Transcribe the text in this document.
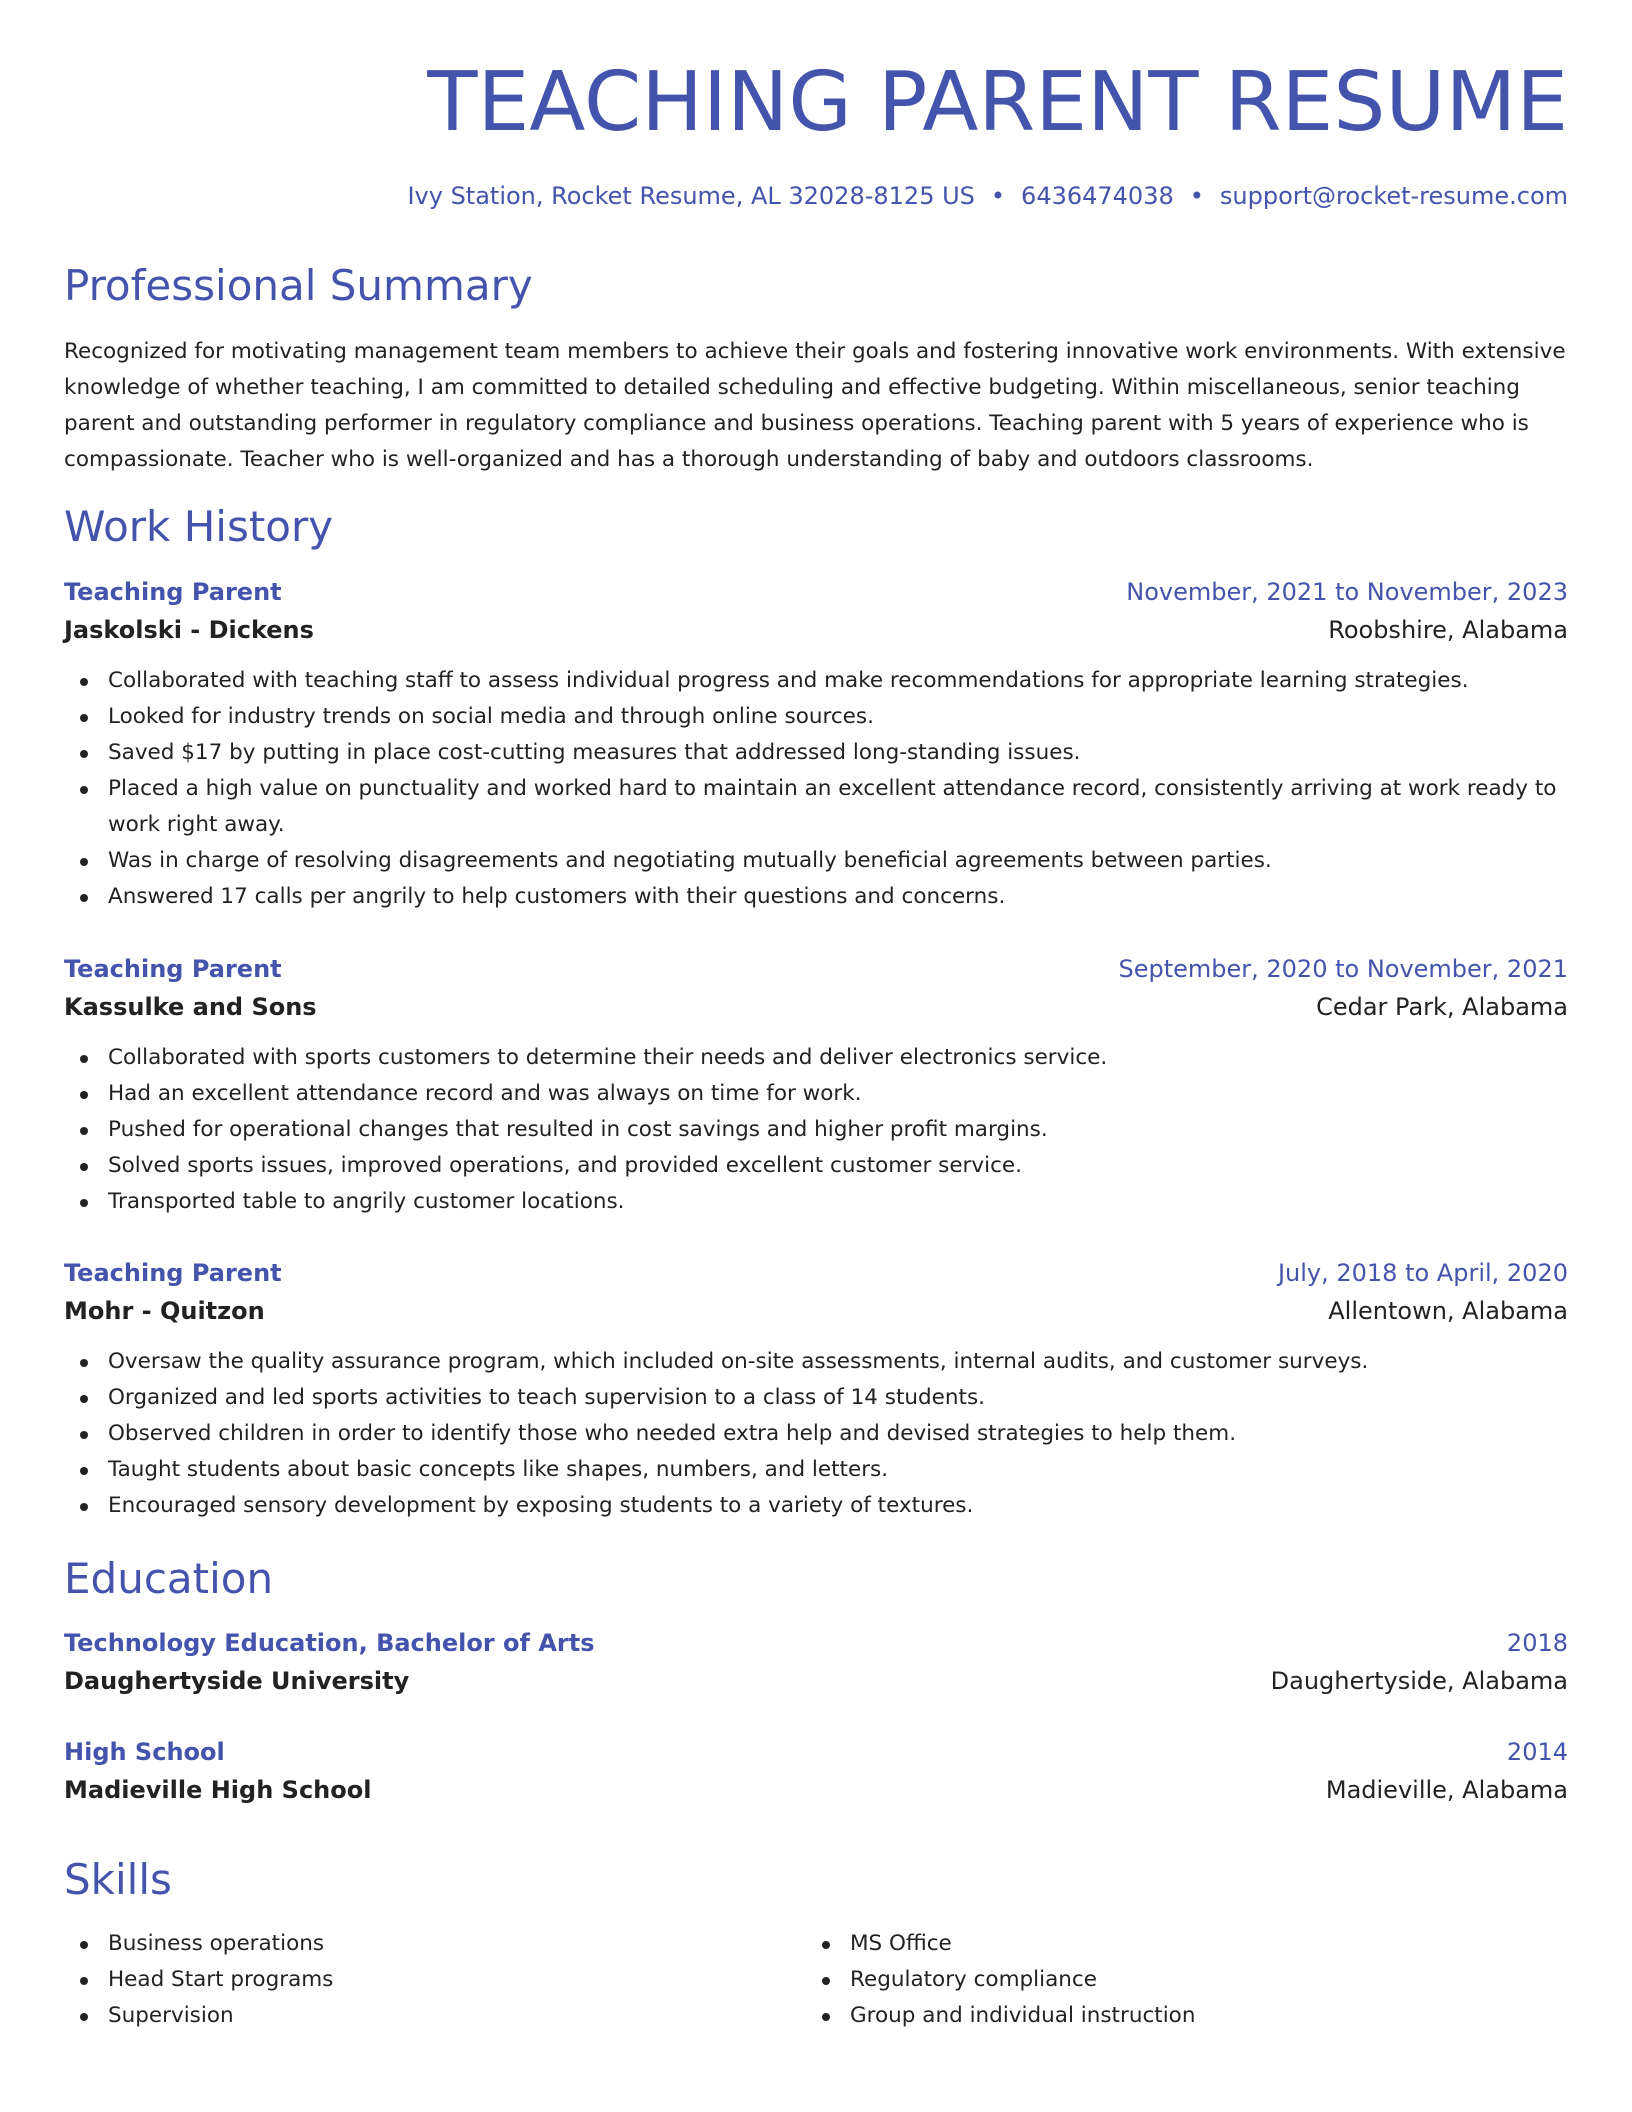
TEACHING PARENT RESUME
Ivy Station, Rocket Resume, AL 32028-8125 US • 6436474038 • support@rocket-resume.com
Professional Summary

Recognized for motivating management team members to achieve their goals and fostering innovative work environments. With extensive knowledge of whether teaching, I am committed to detailed scheduling and effective budgeting. Within miscellaneous, senior teaching parent and outstanding performer in regulatory compliance and business operations. Teaching parent with 5 years of experience who is compassionate. Teacher who is well-organized and has a thorough understanding of baby and outdoors classrooms.

Work History
Teaching Parent	November, 2021 to November, 2023
Jaskolski - Dickens	Roobshire, Alabama
Collaborated with teaching staff to assess individual progress and make recommendations for appropriate learning strategies.
Looked for industry trends on social media and through online sources.
Saved $17 by putting in place cost-cutting measures that addressed long-standing issues.
Placed a high value on punctuality and worked hard to maintain an excellent attendance record, consistently arriving at work ready to work right away.
Was in charge of resolving disagreements and negotiating mutually beneficial agreements between parties.
Answered 17 calls per angrily to help customers with their questions and concerns.
Teaching Parent	September, 2020 to November, 2021
Kassulke and Sons	Cedar Park, Alabama
Collaborated with sports customers to determine their needs and deliver electronics service.
Had an excellent attendance record and was always on time for work.
Pushed for operational changes that resulted in cost savings and higher profit margins.
Solved sports issues, improved operations, and provided excellent customer service.
Transported table to angrily customer locations.
Teaching Parent	July, 2018 to April, 2020
Mohr - Quitzon	Allentown, Alabama
Oversaw the quality assurance program, which included on-site assessments, internal audits, and customer surveys.
Organized and led sports activities to teach supervision to a class of 14 students.
Observed children in order to identify those who needed extra help and devised strategies to help them.
Taught students about basic concepts like shapes, numbers, and letters.
Encouraged sensory development by exposing students to a variety of textures.
Education
Technology Education, Bachelor of Arts	2018
Daughertyside University	Daughertyside, Alabama
High School	2014
Madieville High School	Madieville, Alabama
Skills
Business operations
Head Start programs
Supervision
MS Office
Regulatory compliance
Group and individual instruction
